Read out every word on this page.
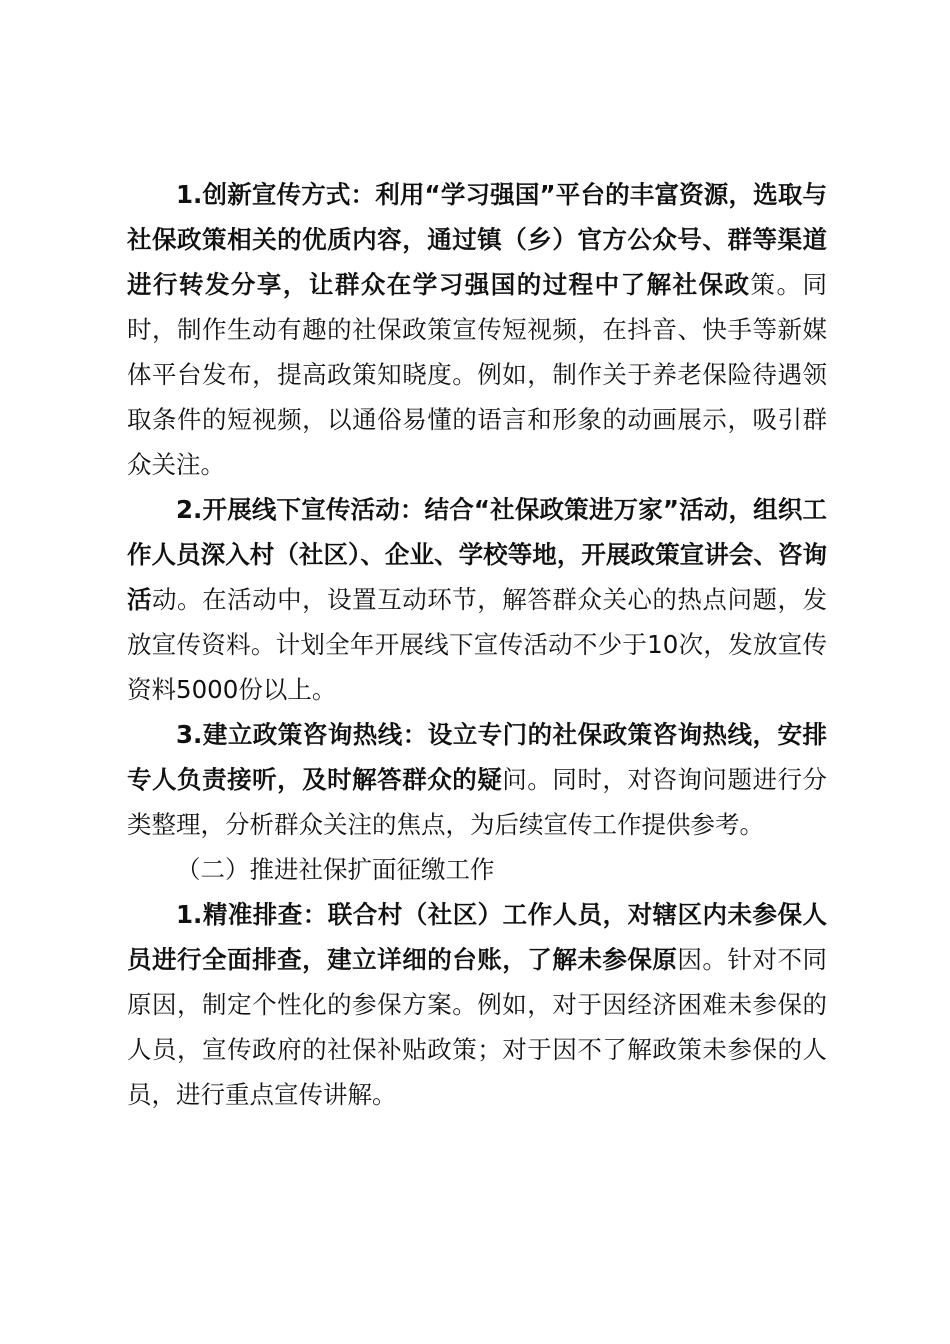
1.创新宣传方式：利用“学习强国”平台的丰富资源，选取与社保政策相关的优质内容，通过镇（乡）官方公众号、群等渠道进行转发分享，让群众在学习强国的过程中了解社保政策。同时，制作生动有趣的社保政策宣传短视频，在抖音、快手等新媒体平台发布，提高政策知晓度。例如，制作关于养老保险待遇领取条件的短视频，以通俗易懂的语言和形象的动画展示，吸引群众关注。

2.开展线下宣传活动：结合“社保政策进万家”活动，组织工作人员深入村（社区）、企业、学校等地，开展政策宣讲会、咨询活动。在活动中，设置互动环节，解答群众关心的热点问题，发放宣传资料。计划全年开展线下宣传活动不少于10次，发放宣传资料5000份以上。

3.建立政策咨询热线：设立专门的社保政策咨询热线，安排专人负责接听，及时解答群众的疑问。同时，对咨询问题进行分类整理，分析群众关注的焦点，为后续宣传工作提供参考。

（二）推进社保扩面征缴工作

1.精准排查：联合村（社区）工作人员，对辖区内未参保人员进行全面排查，建立详细的台账，了解未参保原因。针对不同原因，制定个性化的参保方案。例如，对于因经济困难未参保的人员，宣传政府的社保补贴政策；对于因不了解政策未参保的人员，进行重点宣传讲解。
